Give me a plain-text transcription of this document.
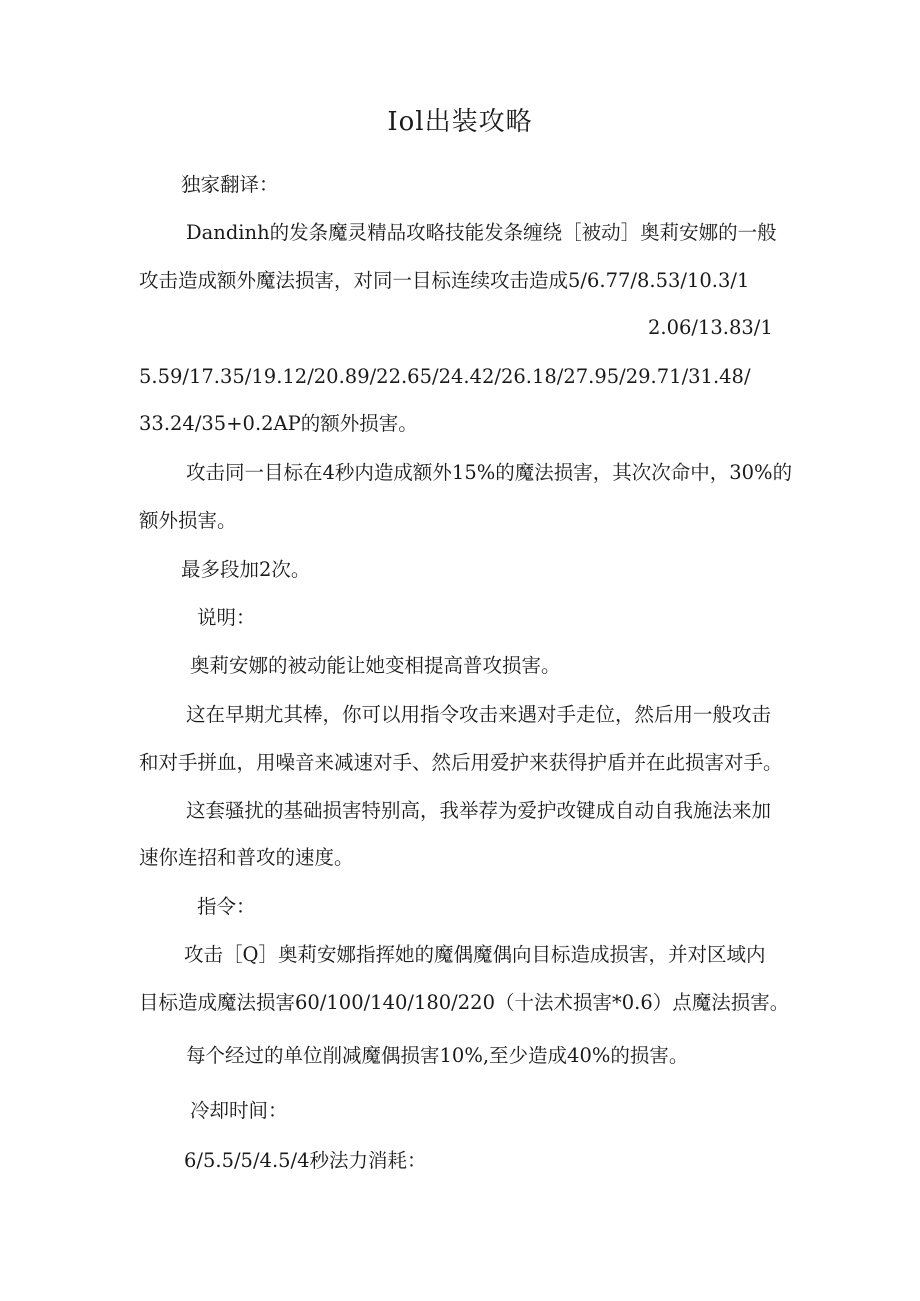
Iol出装攻略
独家翻译：
Dandinh的发条魔灵精品攻略技能发条缠绕［被动］奥莉安娜的一般
攻击造成额外魔法损害，对同一目标连续攻击造成5/6.77/8.53/10.3/1
2.06/13.83/1
5.59/17.35/19.12/20.89/22.65/24.42/26.18/27.95/29.71/31.48/
33.24/35+0.2AP的额外损害。
攻击同一目标在4秒内造成额外15%的魔法损害，其次次命中，30%的
额外损害。
最多段加2次。
说明：
奥莉安娜的被动能让她变相提高普攻损害。
这在早期尤其棒，你可以用指令攻击来遇对手走位，然后用一般攻击
和对手拼血，用噪音来减速对手、然后用爱护来获得护盾并在此损害对手。
这套骚扰的基础损害特别高，我举荐为爱护改键成自动自我施法来加
速你连招和普攻的速度。
指令：
攻击［Q］奥莉安娜指挥她的魔偶魔偶向目标造成损害，并对区域内
目标造成魔法损害60/100/140/180/220（十法术损害*0.6）点魔法损害。
每个经过的单位削减魔偶损害10%,至少造成40%的损害。
冷却时间：
6/5.5/5/4.5/4秒法力消耗：
